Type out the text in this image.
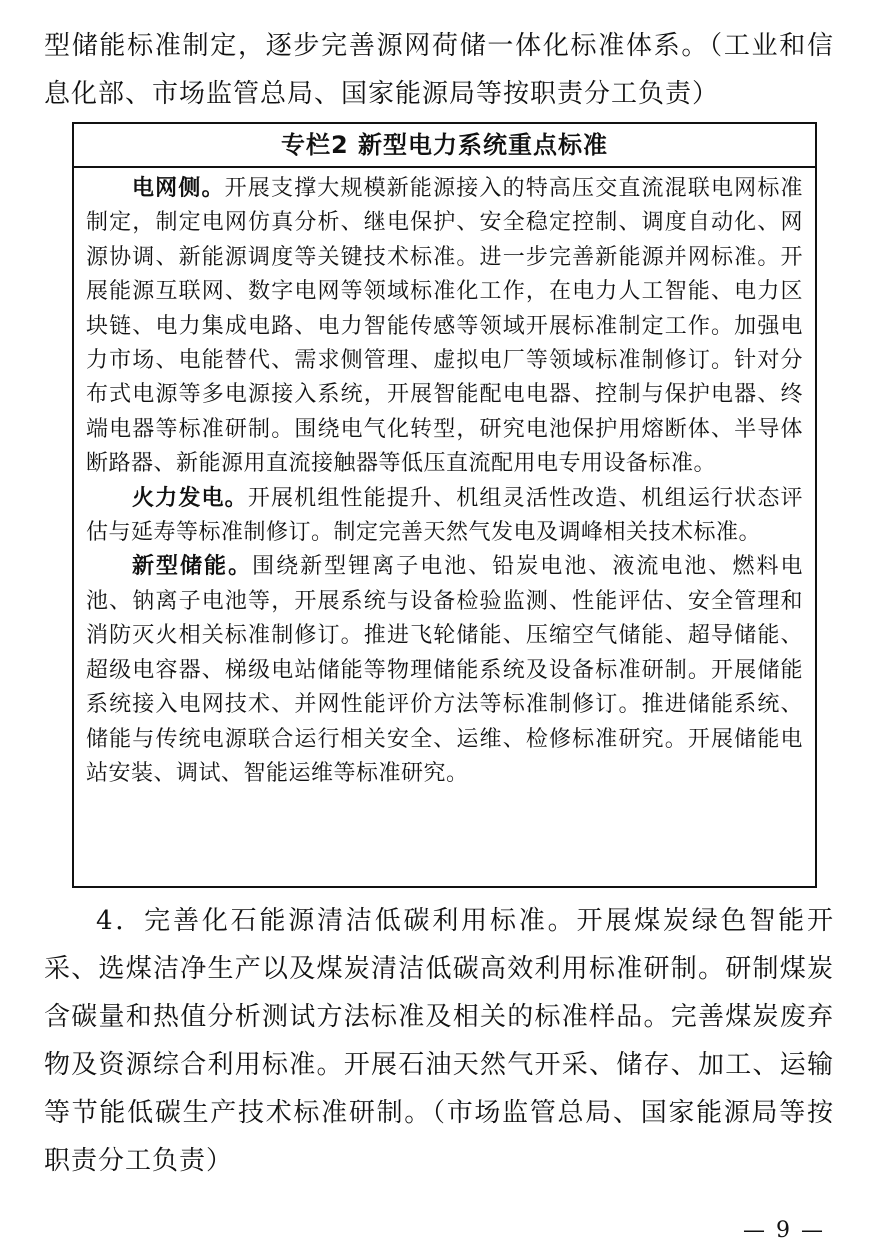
型储能标准制定，逐步完善源网荷储一体化标准体系。（工业和信息化部、市场监管总局、国家能源局等按职责分工负责）

专栏2 新型电力系统重点标准

电网侧。开展支撑大规模新能源接入的特高压交直流混联电网标准制定，制定电网仿真分析、继电保护、安全稳定控制、调度自动化、网源协调、新能源调度等关键技术标准。进一步完善新能源并网标准。开展能源互联网、数字电网等领域标准化工作，在电力人工智能、电力区块链、电力集成电路、电力智能传感等领域开展标准制定工作。加强电力市场、电能替代、需求侧管理、虚拟电厂等领域标准制修订。针对分布式电源等多电源接入系统，开展智能配电电器、控制与保护电器、终端电器等标准研制。围绕电气化转型，研究电池保护用熔断体、半导体断路器、新能源用直流接触器等低压直流配用电专用设备标准。

火力发电。开展机组性能提升、机组灵活性改造、机组运行状态评估与延寿等标准制修订。制定完善天然气发电及调峰相关技术标准。

新型储能。围绕新型锂离子电池、铅炭电池、液流电池、燃料电池、钠离子电池等，开展系统与设备检验监测、性能评估、安全管理和消防灭火相关标准制修订。推进飞轮储能、压缩空气储能、超导储能、超级电容器、梯级电站储能等物理储能系统及设备标准研制。开展储能系统接入电网技术、并网性能评价方法等标准制修订。推进储能系统、储能与传统电源联合运行相关安全、运维、检修标准研究。开展储能电站安装、调试、智能运维等标准研究。

4．完善化石能源清洁低碳利用标准。开展煤炭绿色智能开采、选煤洁净生产以及煤炭清洁低碳高效利用标准研制。研制煤炭含碳量和热值分析测试方法标准及相关的标准样品。完善煤炭废弃物及资源综合利用标准。开展石油天然气开采、储存、加工、运输等节能低碳生产技术标准研制。（市场监管总局、国家能源局等按职责分工负责）

— 9 —
